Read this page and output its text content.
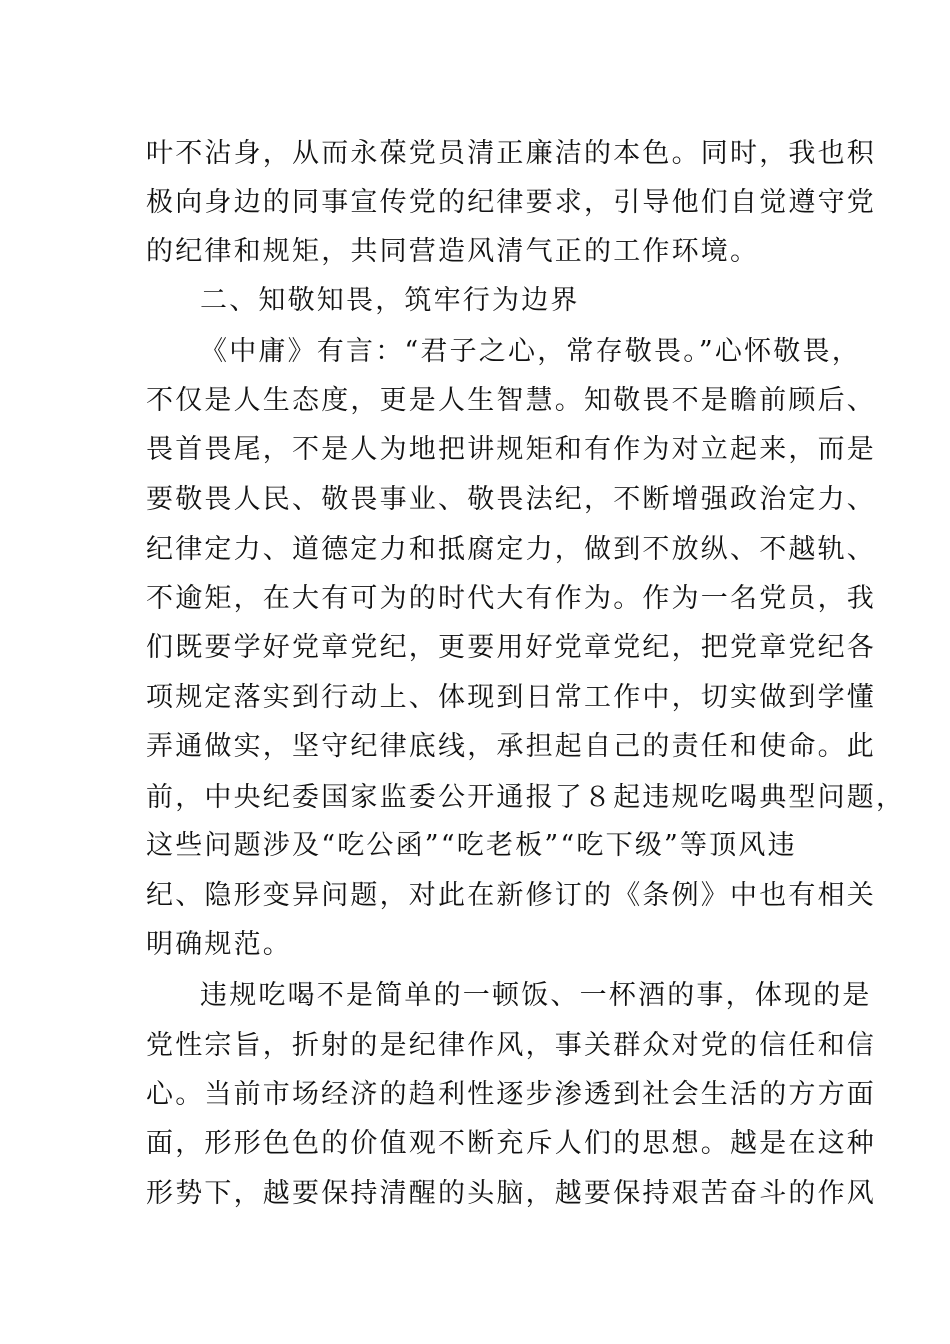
叶不沾身，从而永葆党员清正廉洁的本色。同时，我也积
极向身边的同事宣传党的纪律要求，引导他们自觉遵守党
的纪律和规矩，共同营造风清气正的工作环境。
二、知敬知畏，筑牢行为边界
《中庸》有言：“君子之心，常存敬畏。”心怀敬畏，
不仅是人生态度，更是人生智慧。知敬畏不是瞻前顾后、
畏首畏尾，不是人为地把讲规矩和有作为对立起来，而是
要敬畏人民、敬畏事业、敬畏法纪，不断增强政治定力、
纪律定力、道德定力和抵腐定力，做到不放纵、不越轨、
不逾矩，在大有可为的时代大有作为。作为一名党员，我
们既要学好党章党纪，更要用好党章党纪，把党章党纪各
项规定落实到行动上、体现到日常工作中，切实做到学懂
弄通做实，坚守纪律底线，承担起自己的责任和使命。此
前，中央纪委国家监委公开通报了８起违规吃喝典型问题，
这些问题涉及“吃公函”“吃老板”“吃下级”等顶风违
纪、隐形变异问题，对此在新修订的《条例》中也有相关
明确规范。
违规吃喝不是简单的一顿饭、一杯酒的事，体现的是
党性宗旨，折射的是纪律作风，事关群众对党的信任和信
心。当前市场经济的趋利性逐步渗透到社会生活的方方面
面，形形色色的价值观不断充斥人们的思想。越是在这种
形势下，越要保持清醒的头脑，越要保持艰苦奋斗的作风
